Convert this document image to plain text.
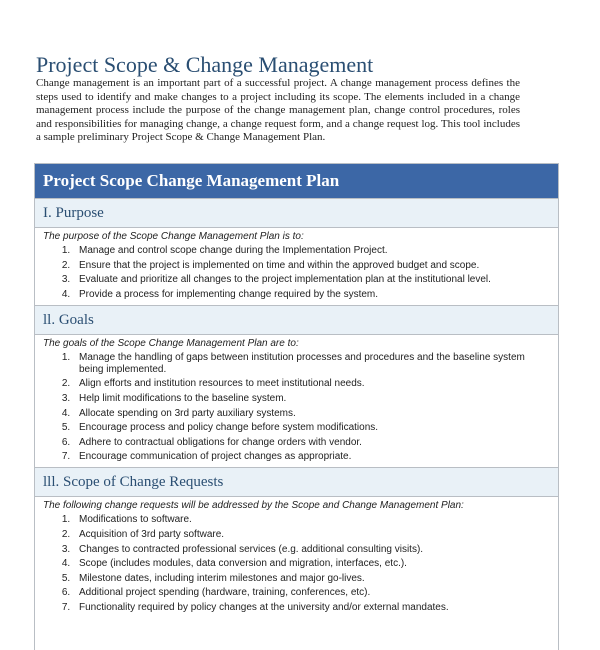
Project Scope & Change Management

Change management is an important part of a successful project. A change management process defines the steps used to identify and make changes to a project including its scope. The elements included in a change management process include the purpose of the change management plan, change control procedures, roles and responsibilities for managing change, a change request form, and a change request log. This tool includes a sample preliminary Project Scope & Change Management Plan.

Project Scope Change Management Plan
I. Purpose
The purpose of the Scope Change Management Plan is to:
1. Manage and control scope change during the Implementation Project.
2. Ensure that the project is implemented on time and within the approved budget and scope.
3. Evaluate and prioritize all changes to the project implementation plan at the institutional level.
4. Provide a process for implementing change required by the system.
ll. Goals
The goals of the Scope Change Management Plan are to:
1. Manage the handling of gaps between institution processes and procedures and the baseline system being implemented.
2. Align efforts and institution resources to meet institutional needs.
3. Help limit modifications to the baseline system.
4. Allocate spending on 3rd party auxiliary systems.
5. Encourage process and policy change before system modifications.
6. Adhere to contractual obligations for change orders with vendor.
7. Encourage communication of project changes as appropriate.
lll. Scope of Change Requests
The following change requests will be addressed by the Scope and Change Management Plan:
1. Modifications to software.
2. Acquisition of 3rd party software.
3. Changes to contracted professional services (e.g. additional consulting visits).
4. Scope (includes modules, data conversion and migration, interfaces, etc.).
5. Milestone dates, including interim milestones and major go-lives.
6. Additional project spending (hardware, training, conferences, etc).
7. Functionality required by policy changes at the university and/or external mandates.
